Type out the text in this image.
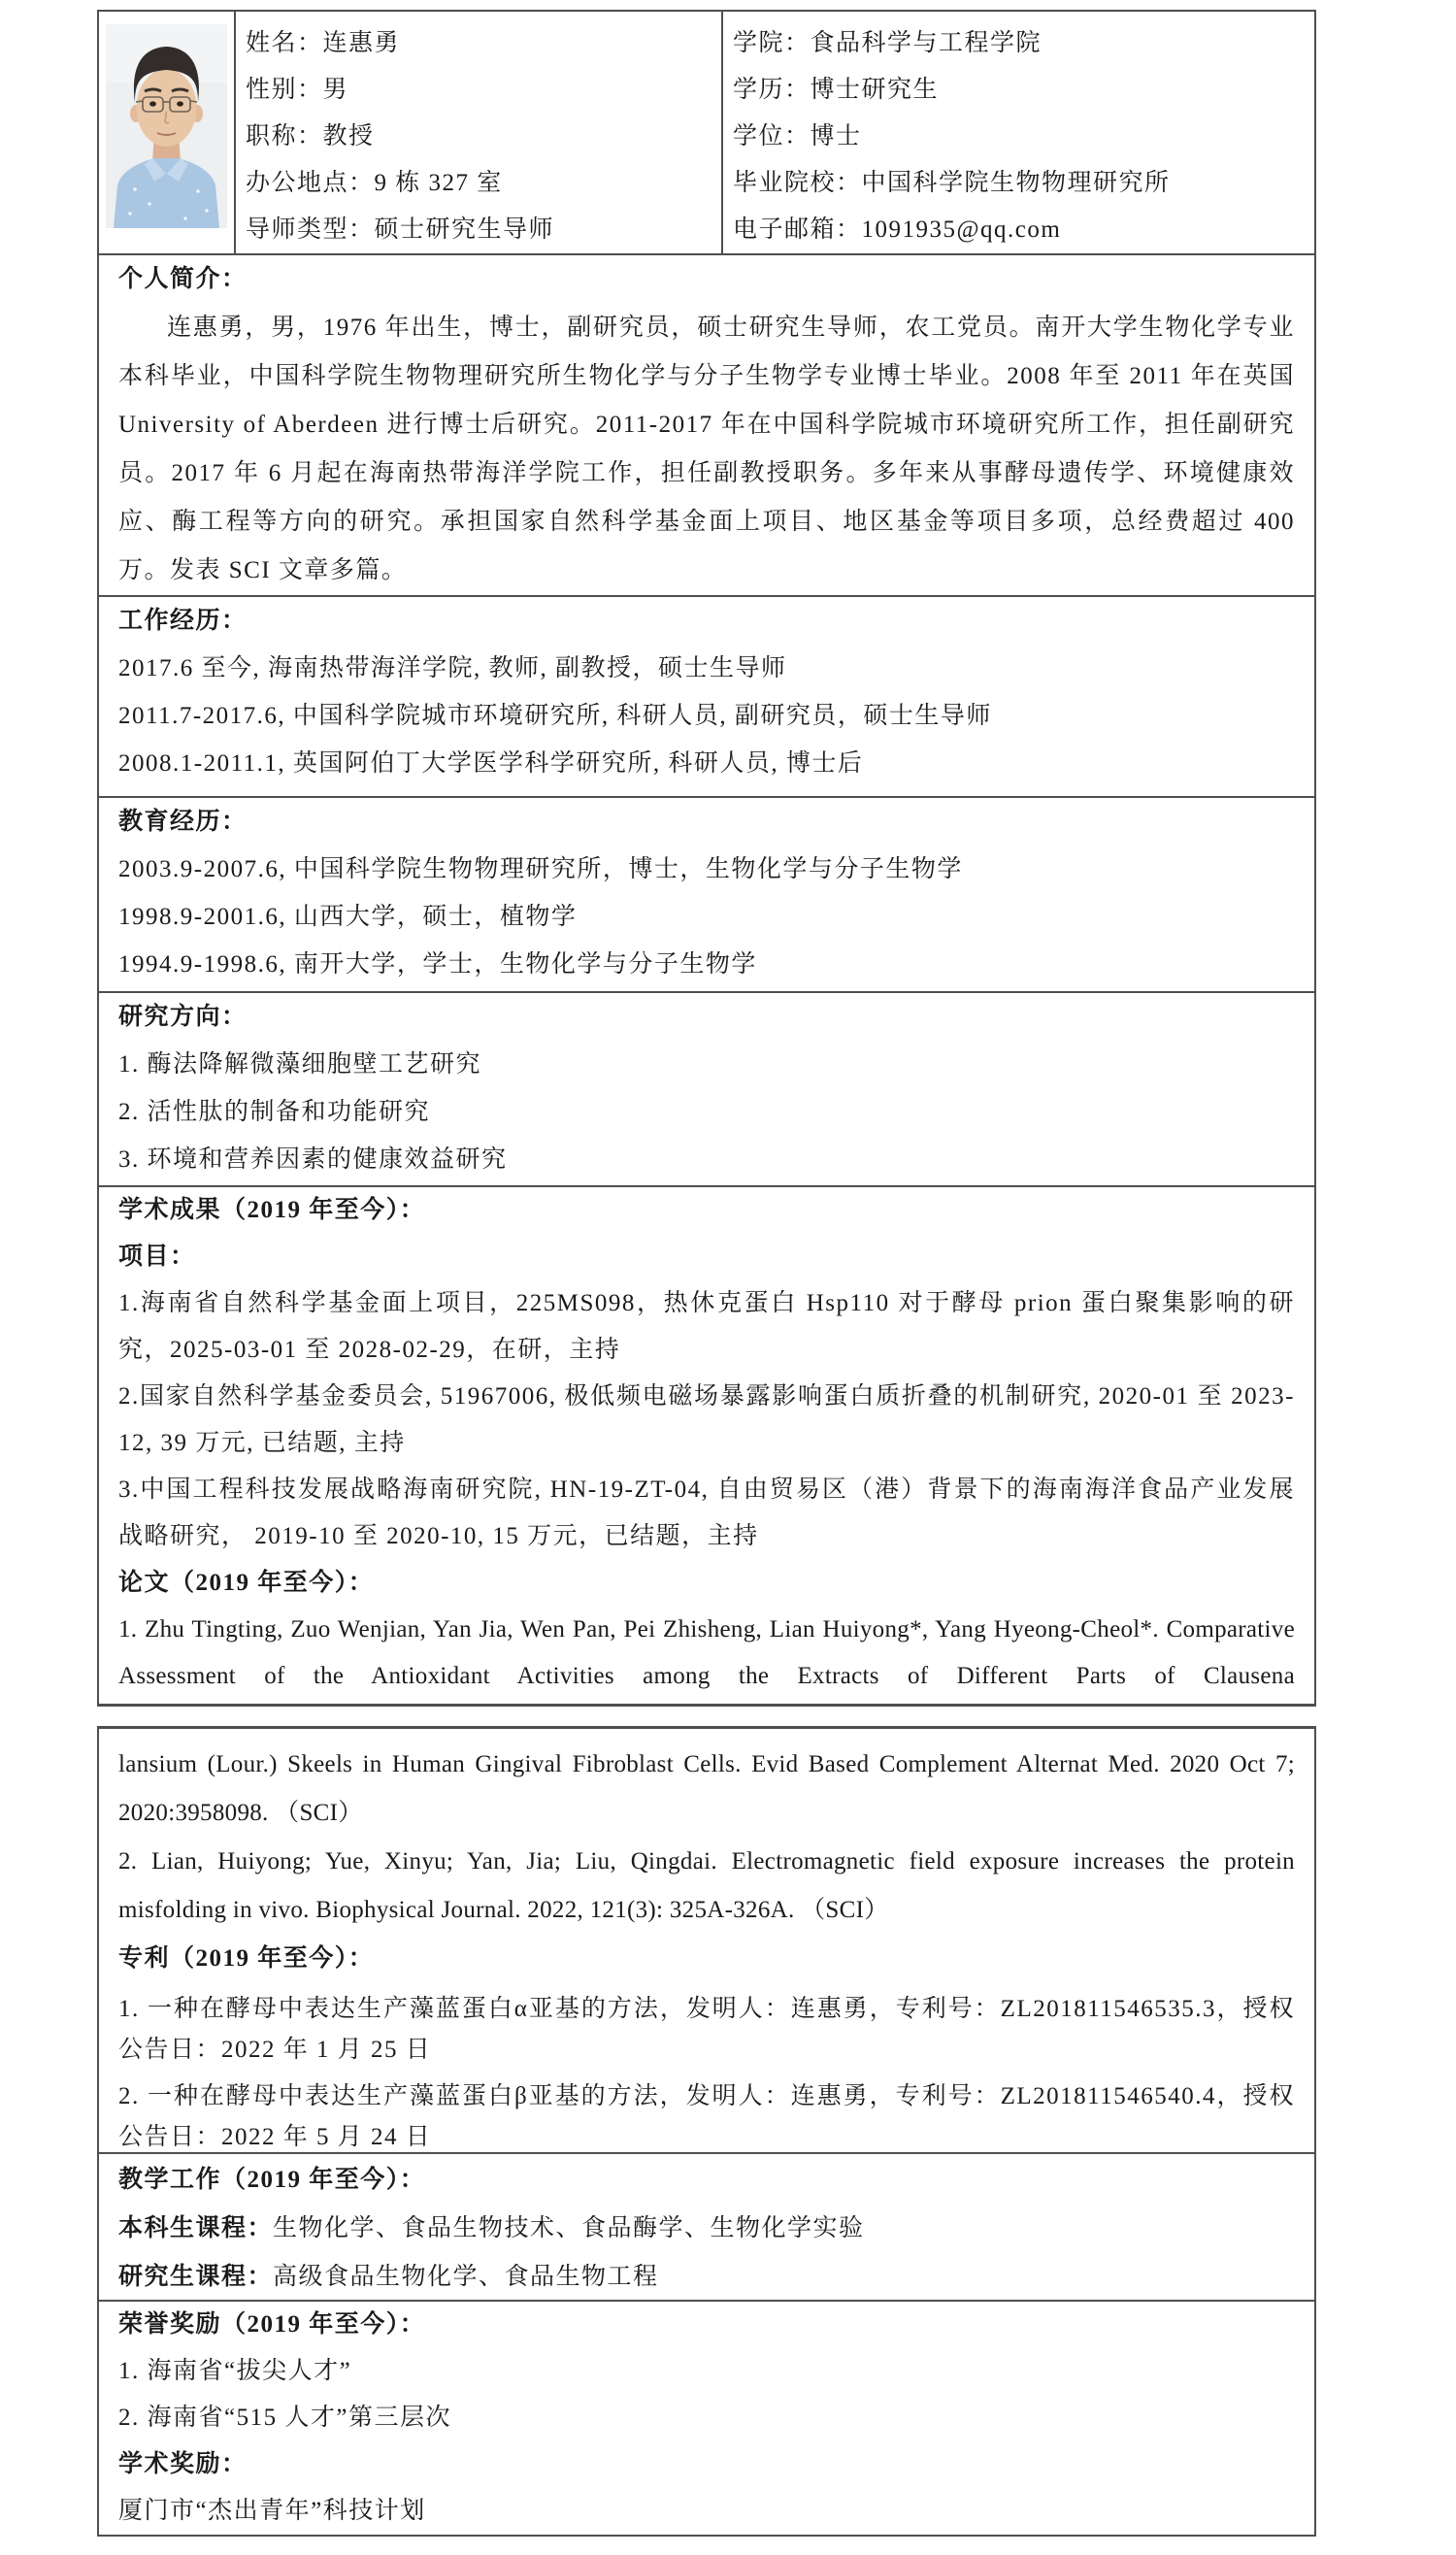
姓名：连惠勇
性别：男
职称：教授
办公地点：9 栋 327 室
导师类型：硕士研究生导师
学院：食品科学与工程学院
学历：博士研究生
学位：博士
毕业院校：中国科学院生物物理研究所
电子邮箱：1091935@qq.com
个人简介：

连惠勇，男，1976 年出生，博士，副研究员，硕士研究生导师，农工党员。南开大学生物化学专业本科毕业，中国科学院生物物理研究所生物化学与分子生物学专业博士毕业。2008 年至 2011 年在英国 University of Aberdeen 进行博士后研究。2011-2017 年在中国科学院城市环境研究所工作，担任副研究员。2017 年 6 月起在海南热带海洋学院工作，担任副教授职务。多年来从事酵母遗传学、环境健康效应、酶工程等方向的研究。承担国家自然科学基金面上项目、地区基金等项目多项，总经费超过 400 万。发表 SCI 文章多篇。

工作经历：
2017.6 至今, 海南热带海洋学院, 教师, 副教授，硕士生导师
2011.7-2017.6, 中国科学院城市环境研究所, 科研人员, 副研究员，硕士生导师
2008.1-2011.1, 英国阿伯丁大学医学科学研究所, 科研人员, 博士后
教育经历：
2003.9-2007.6, 中国科学院生物物理研究所，博士，生物化学与分子生物学
1998.9-2001.6, 山西大学，硕士，植物学
1994.9-1998.6, 南开大学，学士，生物化学与分子生物学
研究方向：
1. 酶法降解微藻细胞壁工艺研究
2. 活性肽的制备和功能研究
3. 环境和营养因素的健康效益研究
学术成果（2019 年至今）：
项目：

1.海南省自然科学基金面上项目，225MS098，热休克蛋白 Hsp110 对于酵母 prion 蛋白聚集影响的研究，2025-03-01 至 2028-02-29，在研，主持

2.国家自然科学基金委员会, 51967006, 极低频电磁场暴露影响蛋白质折叠的机制研究, 2020-01 至 2023-12, 39 万元, 已结题, 主持

3.中国工程科技发展战略海南研究院, HN-19-ZT-04, 自由贸易区（港）背景下的海南海洋食品产业发展战略研究， 2019-10 至 2020-10, 15 万元，已结题，主持

论文（2019 年至今）：

1. Zhu Tingting, Zuo Wenjian, Yan Jia, Wen Pan, Pei Zhisheng, Lian Huiyong*, Yang Hyeong-Cheol*. Comparative Assessment of the Antioxidant Activities among the Extracts of Different Parts of Clausena

lansium (Lour.) Skeels in Human Gingival Fibroblast Cells. Evid Based Complement Alternat Med. 2020 Oct 7; 2020:3958098. （SCI）

2. Lian, Huiyong; Yue, Xinyu; Yan, Jia; Liu, Qingdai. Electromagnetic field exposure increases the protein misfolding in vivo. Biophysical Journal. 2022, 121(3): 325A-326A. （SCI）

专利（2019 年至今）：

1. 一种在酵母中表达生产藻蓝蛋白α亚基的方法，发明人：连惠勇，专利号：ZL201811546535.3，授权公告日：2022 年 1 月 25 日

2. 一种在酵母中表达生产藻蓝蛋白β亚基的方法，发明人：连惠勇，专利号：ZL201811546540.4，授权公告日：2022 年 5 月 24 日

教学工作（2019 年至今）：
本科生课程：生物化学、食品生物技术、食品酶学、生物化学实验
研究生课程：高级食品生物化学、食品生物工程
荣誉奖励（2019 年至今）：
1. 海南省“拔尖人才”
2. 海南省“515 人才”第三层次
学术奖励：
厦门市“杰出青年”科技计划
